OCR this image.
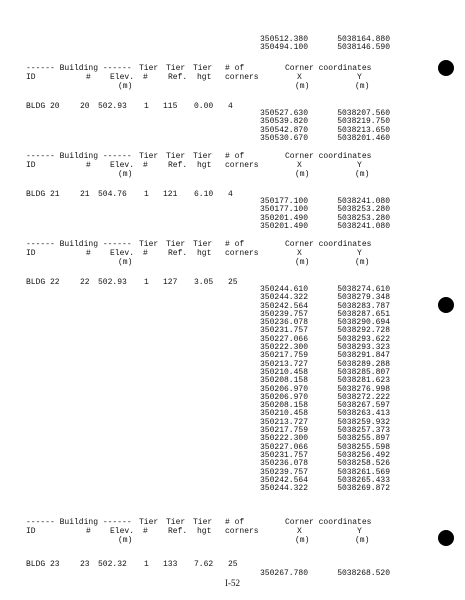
350512.380	5038164.880
350494.100	5038146.590
------ Building ------ Tier Tier Tier # of	Corner coordinates
ID	# Elev. #	Ref. hgt corners	X	Y
(m)	(m)	(m)
BLDG 20	20 502.93 1 115 0.00 4
350527.630	5038207.560
350539.820	5038219.750
350542.870	5038213.650
350530.670	5038201.460
------ Building ------ Tier Tier Tier # of	Corner coordinates
ID	# Elev. #	Ref. hgt corners	X	Y
(m)	(m)	(m)
BLDG 21	21 504.76 1 121 6.10 4
350177.100	5038241.080
350177.100	5038253.280
350201.490	5038253.280
350201.490	5038241.080
------ Building ------ Tier Tier Tier # of	Corner coordinates
ID	# Elev. #	Ref. hgt corners	X	Y
(m)	(m)	(m)
BLDG 22	22 502.93 1 127 3.05 25
350244.610	5038274.610
350244.322	5038279.348
350242.564	5038283.787
350239.757	5038287.651
350236.078	5038290.694
350231.757	5038292.728
350227.066	5038293.622
350222.300	5038293.323
350217.759	5038291.847
350213.727	5038289.288
350210.458	5038285.807
350208.158	5038281.623
350206.970	5038276.998
350206.970	5038272.222
350208.158	5038267.597
350210.458	5038263.413
350213.727	5038259.932
350217.759	5038257.373
350222.300	5038255.897
350227.066	5038255.598
350231.757	5038256.492
350236.078	5038258.526
350239.757	5038261.569
350242.564	5038265.433
350244.322	5038269.872
------ Building ------ Tier Tier Tier # of	Corner coordinates
ID	# Elev. #	Ref. hgt corners	X	Y
(m)	(m)	(m)
BLDG 23	23 502.32 1 133 7.62 25
350267.780	5038268.520
I-52
